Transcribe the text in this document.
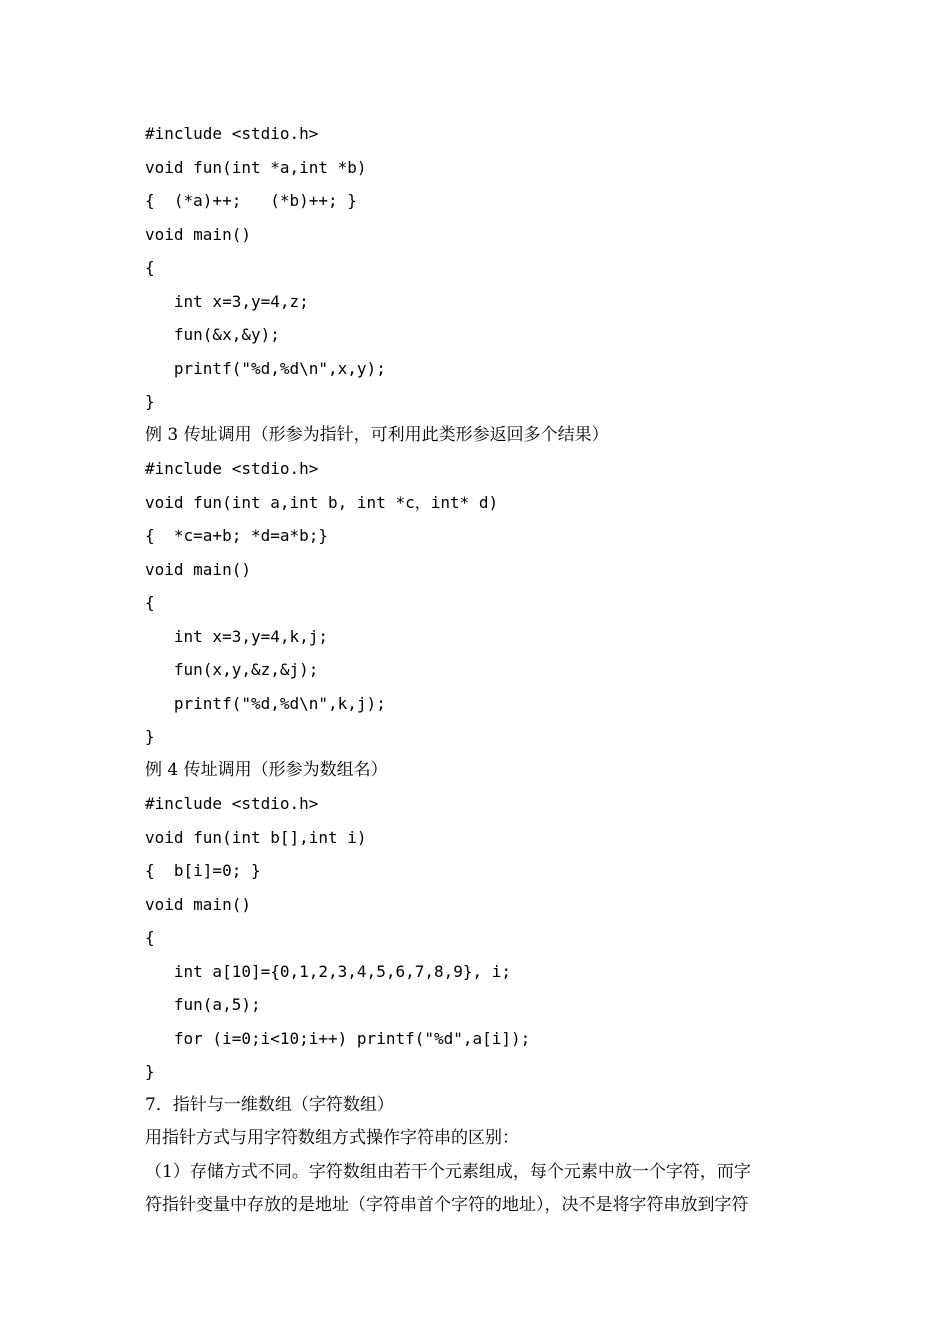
#include <stdio.h>
void fun(int *a,int *b)
{  (*a)++;   (*b)++; }
void main()
{
int x=3,y=4,z;
fun(&x,&y);
printf("%d,%d\n",x,y);
}
例 3 传址调用（形参为指针，可利用此类形参返回多个结果）
#include <stdio.h>
void fun(int a,int b, int *c，int* d)
{  *c=a+b; *d=a*b;}
void main()
{
int x=3,y=4,k,j;
fun(x,y,&z,&j);
printf("%d,%d\n",k,j);
}
例 4 传址调用（形参为数组名）
#include <stdio.h>
void fun(int b[],int i)
{  b[i]=0; }
void main()
{
int a[10]={0,1,2,3,4,5,6,7,8,9}, i;
fun(a,5);
for (i=0;i<10;i++) printf("%d",a[i]);
}
7．指针与一维数组（字符数组）
用指针方式与用字符数组方式操作字符串的区别：
（1）存储方式不同。字符数组由若干个元素组成，每个元素中放一个字符，而字
符指针变量中存放的是地址（字符串首个字符的地址），决不是将字符串放到字符
